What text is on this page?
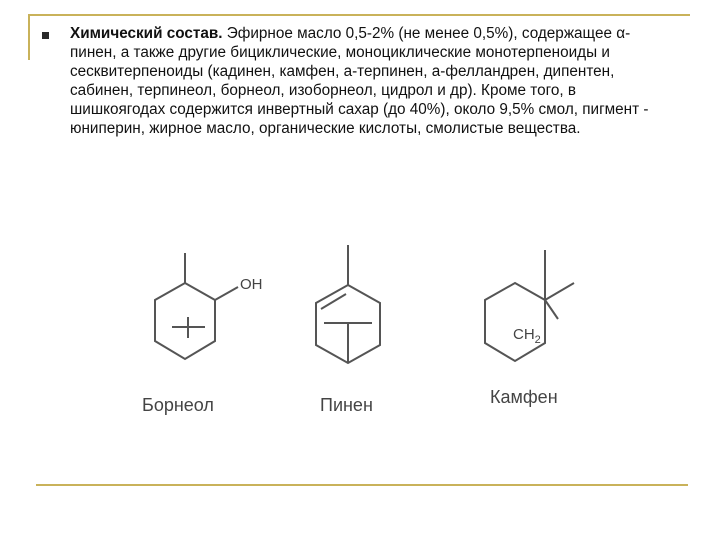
Химический состав. Эфирное масло 0,5-2% (не менее 0,5%), содержащее α-пинен, а также другие бициклические, моноциклические монотерпеноиды и сесквитерпеноиды (кадинен, камфен, а-терпинен, а-фелландрен, дипентен, сабинен, терпинеол, борнеол, изоборнеол, цидрол и др). Кроме того, в шишкоягодах содержится инвертный сахар (до 40%), около 9,5% смол, пигмент - юниперин, жирное масло, органические кислоты, смолистые вещества.
OH
Борнеол	Пинен
$CH_2$
Камфен
